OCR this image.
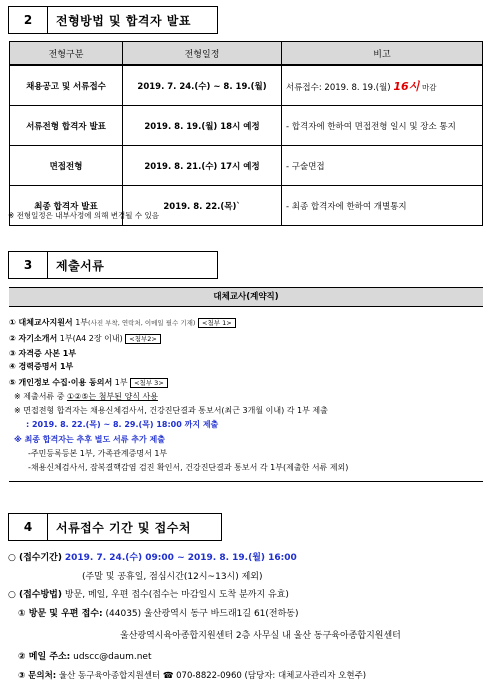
2	전형방법 및 합격자 발표
전형구분	전형일정	비고
채용공고 및 서류접수	2019. 7. 24.(수) ~ 8. 19.(월)	서류접수: 2019. 8. 19.(월) 16시 마감
서류전형 합격자 발표	2019. 8. 19.(월) 18시 예정	- 합격자에 한하여 면접전형 일시 및 장소 통지
면접전형	2019. 8. 21.(수) 17시 예정	- 구술면접
최종 합격자 발표	2019. 8. 22.(목)`	- 최종 합격자에 한하여 개별통지
※ 전형일정은 내부사정에 의해 변경될 수 있음
3	제출서류
대체교사(계약직)
① 대체교사지원서 1부(사진 부착, 연락처, 이메일 필수 기재) <첨부 1>
② 자기소개서 1부(A4 2장 이내) <첨부2>
③ 자격증 사본 1부
④ 경력증명서 1부
⑤ 개인정보 수집·이용 동의서 1부 <첨부 3>
※ 제출서류 중 ①②⑤는 첨부된 양식 사용
※ 면접전형 합격자는 채용신체검사서, 건강진단결과 통보서(최근 3개월 이내) 각 1부 제출
: 2019. 8. 22.(목) ~ 8. 29.(목) 18:00 까지 제출
※ 최종 합격자는 추후 별도 서류 추가 제출
-주민등록등본 1부, 가족관계증명서 1부
-채용신체검사서, 잠복결핵감염 검진 확인서, 건강진단결과 통보서 각 1부(제출한 서류 제외)
4	서류접수 기간 및 접수처
○ (접수기간) 2019. 7. 24.(수) 09:00 ~ 2019. 8. 19.(월) 16:00
(주말 및 공휴일, 점심시간(12시~13시) 제외)
○ (접수방법) 방문, 메일, 우편 접수(접수는 마감일시 도착 분까지 유효)
① 방문 및 우편 접수: (44035) 울산광역시 동구 바드래1길 61(전하동)
울산광역시육아종합지원센터 2층 사무실 내 울산 동구육아종합지원센터
② 메일 주소: udscc@daum.net
③ 문의처: 울산 동구육아종합지원센터 ☎ 070-8822-0960 (담당자: 대체교사관리자 오현주)
